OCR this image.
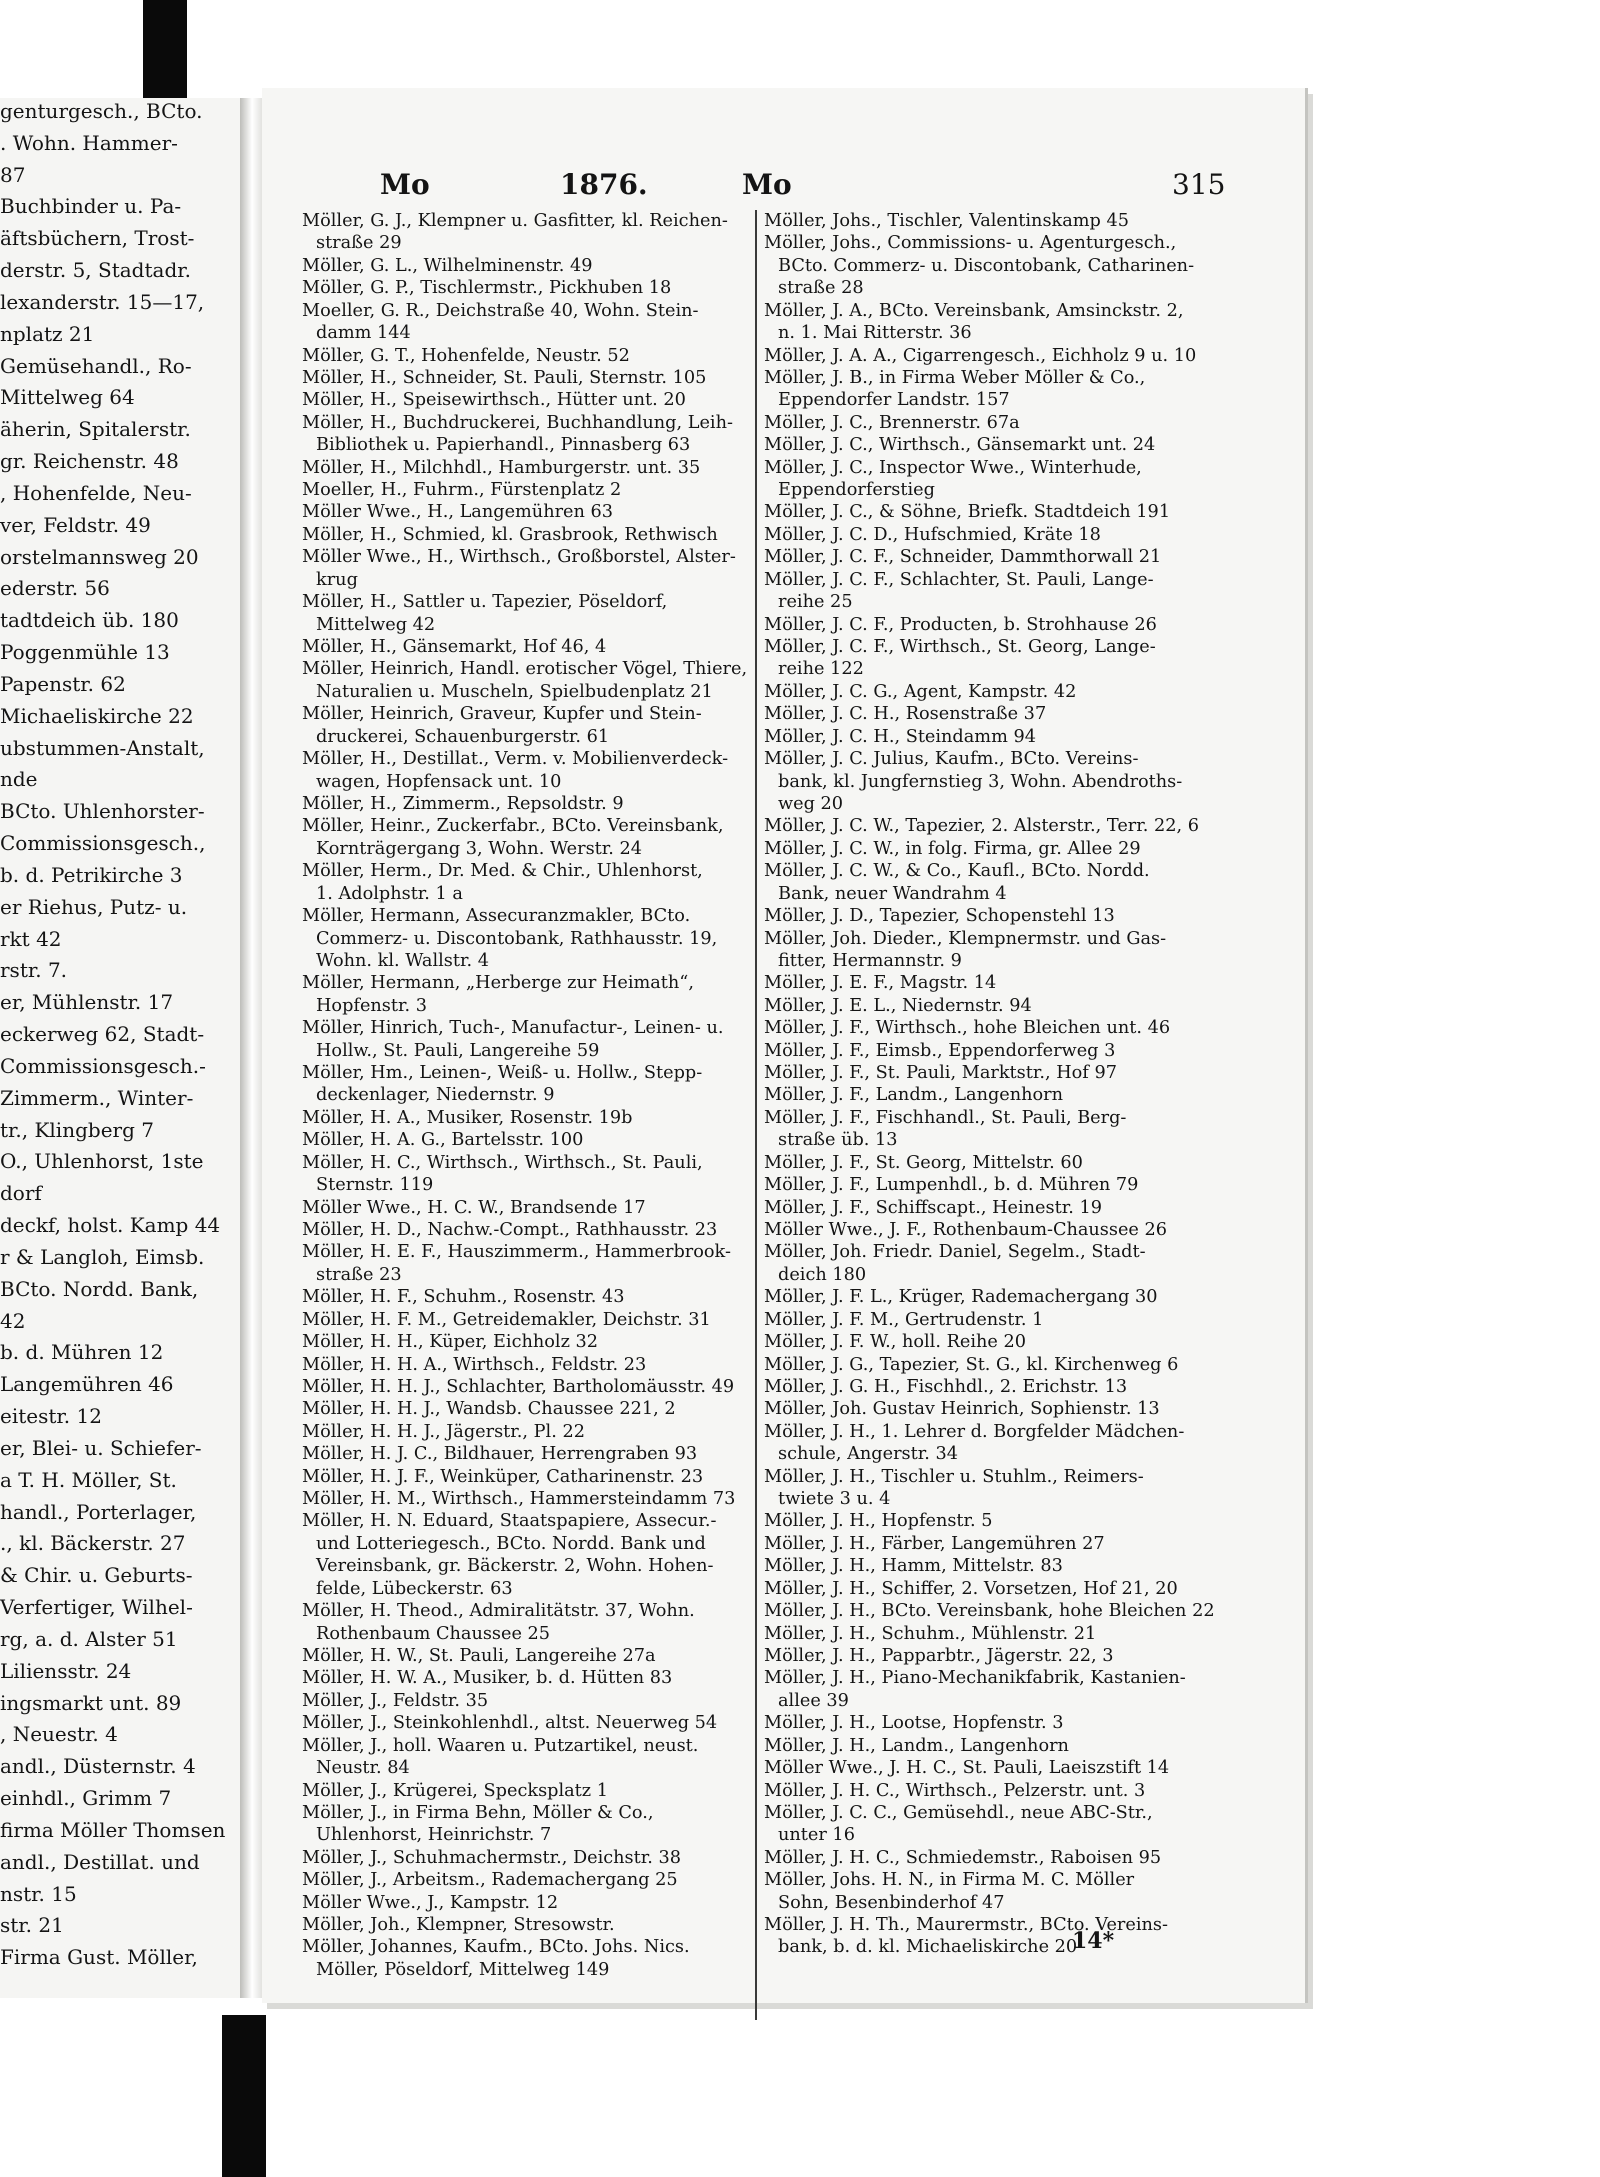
genturgesch., BCto.
. Wohn. Hammer-
87
Buchbinder u. Pa-
äftsbüchern, Trost-
derstr. 5, Stadtadr.
lexanderstr. 15—17,
nplatz 21
Gemüsehandl., Ro-
Mittelweg 64
äherin, Spitalerstr.
gr. Reichenstr. 48
, Hohenfelde, Neu-
ver, Feldstr. 49
orstelmannsweg 20
ederstr. 56
tadtdeich üb. 180
Poggenmühle 13
Papenstr. 62
Michaeliskirche 22
ubstummen-Anstalt,
nde
BCto. Uhlenhorster-
Commissionsgesch.,
b. d. Petrikirche 3
er Riehus, Putz- u.
rkt 42
rstr. 7.
er, Mühlenstr. 17
eckerweg 62, Stadt-
Commissionsgesch.-
Zimmerm., Winter-
tr., Klingberg 7
O., Uhlenhorst, 1ste
dorf
deckf, holst. Kamp 44
r & Langloh, Eimsb.
BCto. Nordd. Bank,
42
b. d. Mühren 12
Langemühren 46
eitestr. 12
er, Blei- u. Schiefer-
a T. H. Möller, St.
handl., Porterlager,
., kl. Bäckerstr. 27
& Chir. u. Geburts-
Verfertiger, Wilhel-
rg, a. d. Alster 51
Liliensstr. 24
ingsmarkt unt. 89
, Neuestr. 4
andl., Düsternstr. 4
einhdl., Grimm 7
firma Möller Thomsen
andl., Destillat. und
nstr. 15
str. 21
Firma Gust. Möller,
Mo	1876.	Mo	315
Möller, G. J., Klempner u. Gasfitter, kl. Reichen-
straße 29
Möller, G. L., Wilhelminenstr. 49
Möller, G. P., Tischlermstr., Pickhuben 18
Moeller, G. R., Deichstraße 40, Wohn. Stein-
damm 144
Möller, G. T., Hohenfelde, Neustr. 52
Möller, H., Schneider, St. Pauli, Sternstr. 105
Möller, H., Speisewirthsch., Hütter unt. 20
Möller, H., Buchdruckerei, Buchhandlung, Leih-
Bibliothek u. Papierhandl., Pinnasberg 63
Möller, H., Milchhdl., Hamburgerstr. unt. 35
Moeller, H., Fuhrm., Fürstenplatz 2
Möller Wwe., H., Langemühren 63
Möller, H., Schmied, kl. Grasbrook, Rethwisch
Möller Wwe., H., Wirthsch., Großborstel, Alster-
krug
Möller, H., Sattler u. Tapezier, Pöseldorf,
Mittelweg 42
Möller, H., Gänsemarkt, Hof 46, 4
Möller, Heinrich, Handl. erotischer Vögel, Thiere,
Naturalien u. Muscheln, Spielbudenplatz 21
Möller, Heinrich, Graveur, Kupfer und Stein-
druckerei, Schauenburgerstr. 61
Möller, H., Destillat., Verm. v. Mobilienverdeck-
wagen, Hopfensack unt. 10
Möller, H., Zimmerm., Repsoldstr. 9
Möller, Heinr., Zuckerfabr., BCto. Vereinsbank,
Kornträgergang 3, Wohn. Werstr. 24
Möller, Herm., Dr. Med. & Chir., Uhlenhorst,
1. Adolphstr. 1 a
Möller, Hermann, Assecuranzmakler, BCto.
Commerz- u. Discontobank, Rathhausstr. 19,
Wohn. kl. Wallstr. 4
Möller, Hermann, „Herberge zur Heimath“,
Hopfenstr. 3
Möller, Hinrich, Tuch-, Manufactur-, Leinen- u.
Hollw., St. Pauli, Langereihe 59
Möller, Hm., Leinen-, Weiß- u. Hollw., Stepp-
deckenlager, Niedernstr. 9
Möller, H. A., Musiker, Rosenstr. 19b
Möller, H. A. G., Bartelsstr. 100
Möller, H. C., Wirthsch., Wirthsch., St. Pauli,
Sternstr. 119
Möller Wwe., H. C. W., Brandsende 17
Möller, H. D., Nachw.-Compt., Rathhausstr. 23
Möller, H. E. F., Hauszimmerm., Hammerbrook-
straße 23
Möller, H. F., Schuhm., Rosenstr. 43
Möller, H. F. M., Getreidemakler, Deichstr. 31
Möller, H. H., Küper, Eichholz 32
Möller, H. H. A., Wirthsch., Feldstr. 23
Möller, H. H. J., Schlachter, Bartholomäusstr. 49
Möller, H. H. J., Wandsb. Chaussee 221, 2
Möller, H. H. J., Jägerstr., Pl. 22
Möller, H. J. C., Bildhauer, Herrengraben 93
Möller, H. J. F., Weinküper, Catharinenstr. 23
Möller, H. M., Wirthsch., Hammersteindamm 73
Möller, H. N. Eduard, Staatspapiere, Assecur.-
und Lotteriegesch., BCto. Nordd. Bank und
Vereinsbank, gr. Bäckerstr. 2, Wohn. Hohen-
felde, Lübeckerstr. 63
Möller, H. Theod., Admiralitätstr. 37, Wohn.
Rothenbaum Chaussee 25
Möller, H. W., St. Pauli, Langereihe 27a
Möller, H. W. A., Musiker, b. d. Hütten 83
Möller, J., Feldstr. 35
Möller, J., Steinkohlenhdl., altst. Neuerweg 54
Möller, J., holl. Waaren u. Putzartikel, neust.
Neustr. 84
Möller, J., Krügerei, Specksplatz 1
Möller, J., in Firma Behn, Möller & Co.,
Uhlenhorst, Heinrichstr. 7
Möller, J., Schuhmachermstr., Deichstr. 38
Möller, J., Arbeitsm., Rademachergang 25
Möller Wwe., J., Kampstr. 12
Möller, Joh., Klempner, Stresowstr.
Möller, Johannes, Kaufm., BCto. Johs. Nics.
Möller, Pöseldorf, Mittelweg 149
Möller, Johs., Tischler, Valentinskamp 45
Möller, Johs., Commissions- u. Agenturgesch.,
BCto. Commerz- u. Discontobank, Catharinen-
straße 28
Möller, J. A., BCto. Vereinsbank, Amsinckstr. 2,
n. 1. Mai Ritterstr. 36
Möller, J. A. A., Cigarrengesch., Eichholz 9 u. 10
Möller, J. B., in Firma Weber Möller & Co.,
Eppendorfer Landstr. 157
Möller, J. C., Brennerstr. 67a
Möller, J. C., Wirthsch., Gänsemarkt unt. 24
Möller, J. C., Inspector Wwe., Winterhude,
Eppendorferstieg
Möller, J. C., & Söhne, Briefk. Stadtdeich 191
Möller, J. C. D., Hufschmied, Kräte 18
Möller, J. C. F., Schneider, Dammthorwall 21
Möller, J. C. F., Schlachter, St. Pauli, Lange-
reihe 25
Möller, J. C. F., Producten, b. Strohhause 26
Möller, J. C. F., Wirthsch., St. Georg, Lange-
reihe 122
Möller, J. C. G., Agent, Kampstr. 42
Möller, J. C. H., Rosenstraße 37
Möller, J. C. H., Steindamm 94
Möller, J. C. Julius, Kaufm., BCto. Vereins-
bank, kl. Jungfernstieg 3, Wohn. Abendroths-
weg 20
Möller, J. C. W., Tapezier, 2. Alsterstr., Terr. 22, 6
Möller, J. C. W., in folg. Firma, gr. Allee 29
Möller, J. C. W., & Co., Kaufl., BCto. Nordd.
Bank, neuer Wandrahm 4
Möller, J. D., Tapezier, Schopenstehl 13
Möller, Joh. Dieder., Klempnermstr. und Gas-
fitter, Hermannstr. 9
Möller, J. E. F., Magstr. 14
Möller, J. E. L., Niedernstr. 94
Möller, J. F., Wirthsch., hohe Bleichen unt. 46
Möller, J. F., Eimsb., Eppendorferweg 3
Möller, J. F., St. Pauli, Marktstr., Hof 97
Möller, J. F., Landm., Langenhorn
Möller, J. F., Fischhandl., St. Pauli, Berg-
straße üb. 13
Möller, J. F., St. Georg, Mittelstr. 60
Möller, J. F., Lumpenhdl., b. d. Mühren 79
Möller, J. F., Schiffscapt., Heinestr. 19
Möller Wwe., J. F., Rothenbaum-Chaussee 26
Möller, Joh. Friedr. Daniel, Segelm., Stadt-
deich 180
Möller, J. F. L., Krüger, Rademachergang 30
Möller, J. F. M., Gertrudenstr. 1
Möller, J. F. W., holl. Reihe 20
Möller, J. G., Tapezier, St. G., kl. Kirchenweg 6
Möller, J. G. H., Fischhdl., 2. Erichstr. 13
Möller, Joh. Gustav Heinrich, Sophienstr. 13
Möller, J. H., 1. Lehrer d. Borgfelder Mädchen-
schule, Angerstr. 34
Möller, J. H., Tischler u. Stuhlm., Reimers-
twiete 3 u. 4
Möller, J. H., Hopfenstr. 5
Möller, J. H., Färber, Langemühren 27
Möller, J. H., Hamm, Mittelstr. 83
Möller, J. H., Schiffer, 2. Vorsetzen, Hof 21, 20
Möller, J. H., BCto. Vereinsbank, hohe Bleichen 22
Möller, J. H., Schuhm., Mühlenstr. 21
Möller, J. H., Papparbtr., Jägerstr. 22, 3
Möller, J. H., Piano-Mechanikfabrik, Kastanien-
allee 39
Möller, J. H., Lootse, Hopfenstr. 3
Möller, J. H., Landm., Langenhorn
Möller Wwe., J. H. C., St. Pauli, Laeiszstift 14
Möller, J. H. C., Wirthsch., Pelzerstr. unt. 3
Möller, J. C. C., Gemüsehdl., neue ABC-Str.,
unter 16
Möller, J. H. C., Schmiedemstr., Raboisen 95
Möller, Johs. H. N., in Firma M. C. Möller
Sohn, Besenbinderhof 47
Möller, J. H. Th., Maurermstr., BCto. Vereins-
bank, b. d. kl. Michaeliskirche 20
14*
